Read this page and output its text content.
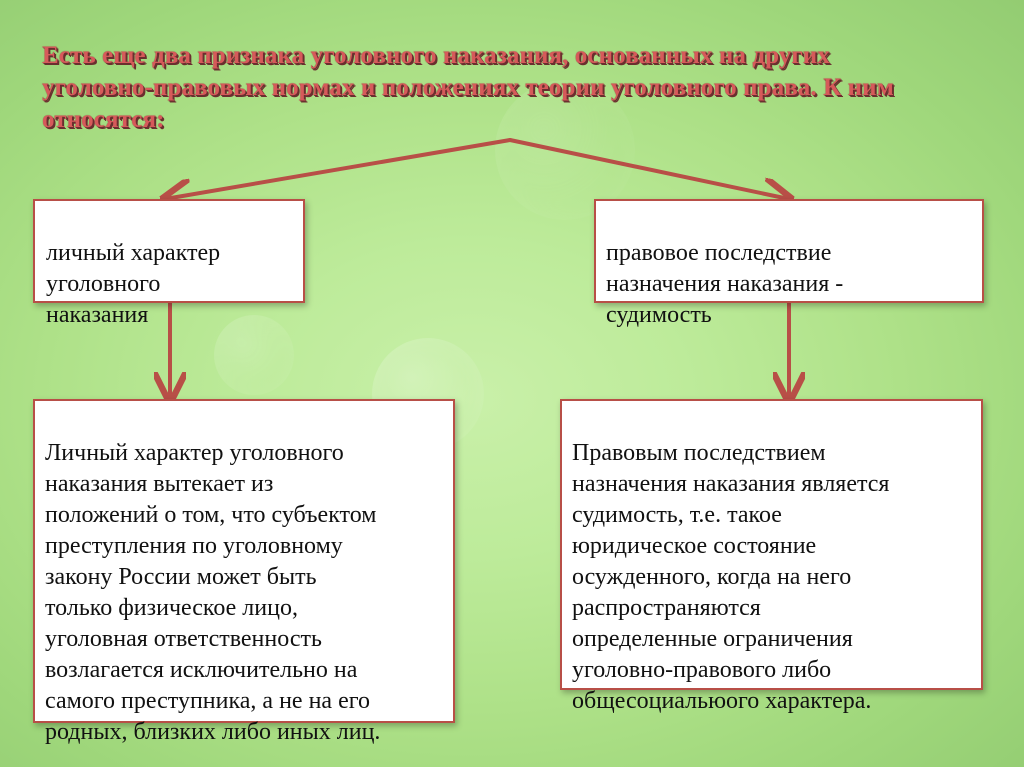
Есть еще два признака уголовного наказания, основанных на других уголовно-правовых нормах и положениях теории уголовного права. К ним относятся:

личный характер
уголовного
наказания

правовое последствие
назначения наказания -
судимость

Личный характер уголовного
наказания вытекает из
положений о том, что субъектом
преступления по уголовному
закону России может быть
только физическое лицо,
уголовная ответственность
возлагается исключительно на
самого преступника, а не на его
родных, близких либо иных лиц.

Правовым последствием
назначения наказания является
судимость, т.е. такое
юридическое состояние
осужденного, когда на него
распространяются
определенные ограничения
уголовно-правового либо
общесоциальюого характера.
